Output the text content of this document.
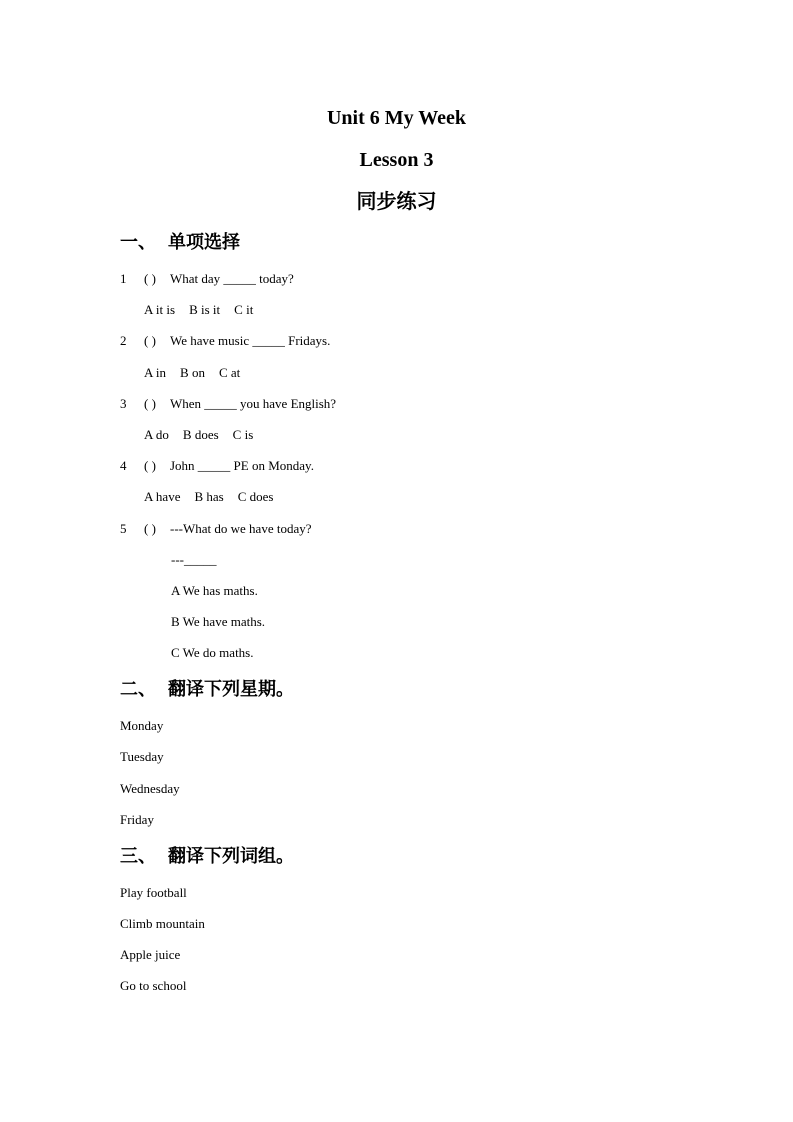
Unit 6 My Week
Lesson 3
同步练习
一、 单项选择
1 ( ) What day _____ today?
A it is B is it C it
2 ( ) We have music _____ Fridays.
A in B on C at
3 ( ) When _____ you have English?
A do B does C is
4 ( ) John _____ PE on Monday.
A have B has C does
5 ( ) ---What do we have today?
---_____
A We has maths.
B We have maths.
C We do maths.
二、 翻译下列星期。
Monday
Tuesday
Wednesday
Friday
三、 翻译下列词组。
Play football
Climb mountain
Apple juice
Go to school
